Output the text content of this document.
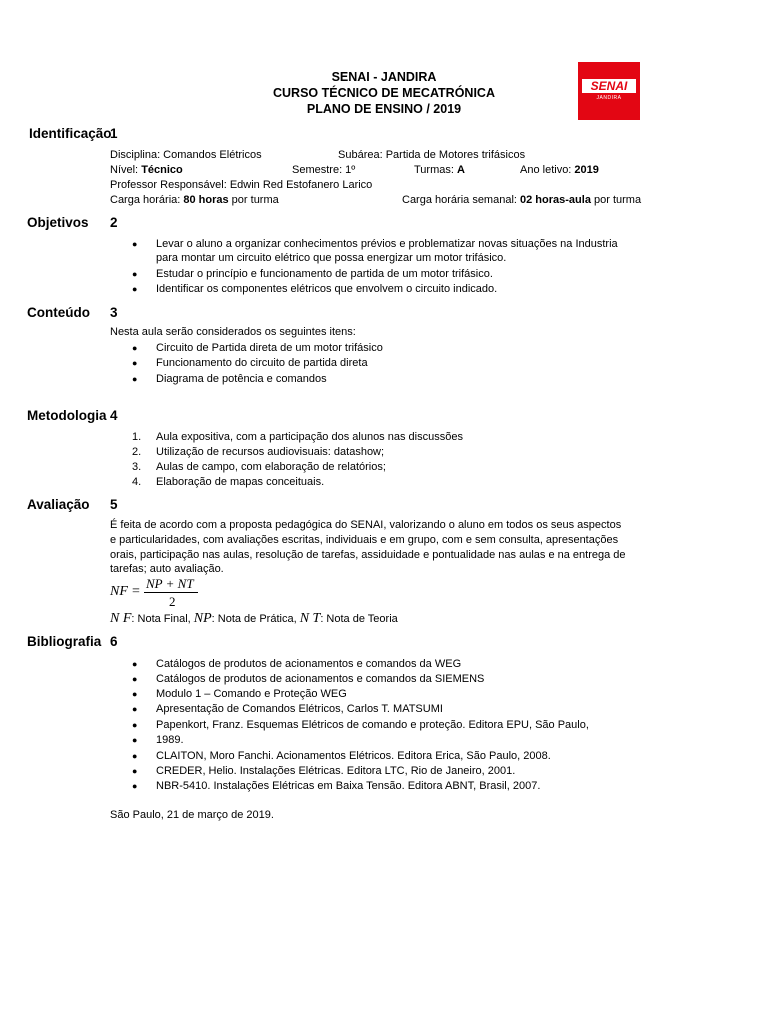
SENAI - JANDIRA
CURSO TÉCNICO DE MECATRÓNICA
PLANO DE ENSINO / 2019
SENAI
JANDIRA
1
Identificação
Disciplina: Comandos Elétricos	Subárea: Partida de Motores trifásicos
Nível: Técnico	Semestre: 1º	Turmas: A	Ano letivo: 2019
Professor Responsável: Edwin Red Estofanero Larico
Carga horária: 80 horas por turma	Carga horária semanal: 02 horas-aula por turma
2
Objetivos
● Levar o aluno a organizar conhecimentos prévios e problematizar novas situações na Industria
para montar um circuito elétrico que possa energizar um motor trifásico.
● Estudar o princípio e funcionamento de partida de um motor trifásico.
● Identificar os componentes elétricos que envolvem o circuito indicado.
3
Conteúdo
Nesta aula serão considerados os seguintes itens:
● Circuito de Partida direta de um motor trifásico
● Funcionamento do circuito de partida direta
● Diagrama de potência e comandos
4
Metodologia
1. Aula expositiva, com a participação dos alunos nas discussões
2. Utilização de recursos audiovisuais: datashow;
3. Aulas de campo, com elaboração de relatórios;
4. Elaboração de mapas conceituais.
5
Avaliação
É feita de acordo com a proposta pedagógica do SENAI, valorizando o aluno em todos os seus aspectos
e particularidades, com avaliações escritas, individuais e em grupo, com e sem consulta, apresentações
orais, participação nas aulas, resolução de tarefas, assiduidade e pontualidade nas aulas e na entrega de
tarefas; auto avaliação.
NF =
NP + NT
2
N F: Nota Final, NP: Nota de Prática, N T: Nota de Teoria
6
Bibliografia
● Catálogos de produtos de acionamentos e comandos da WEG
● Catálogos de produtos de acionamentos e comandos da SIEMENS
● Modulo 1 – Comando e Proteção WEG
● Apresentação de Comandos Elétricos, Carlos T. MATSUMI
● Papenkort, Franz. Esquemas Elétricos de comando e proteção. Editora EPU, São Paulo,
● 1989.
● CLAITON, Moro Fanchi. Acionamentos Elétricos. Editora Erica, São Paulo, 2008.
● CREDER, Helio. Instalações Elétricas. Editora LTC, Rio de Janeiro, 2001.
● NBR-5410. Instalações Elétricas em Baixa Tensão. Editora ABNT, Brasil, 2007.
São Paulo, 21 de março de 2019.
